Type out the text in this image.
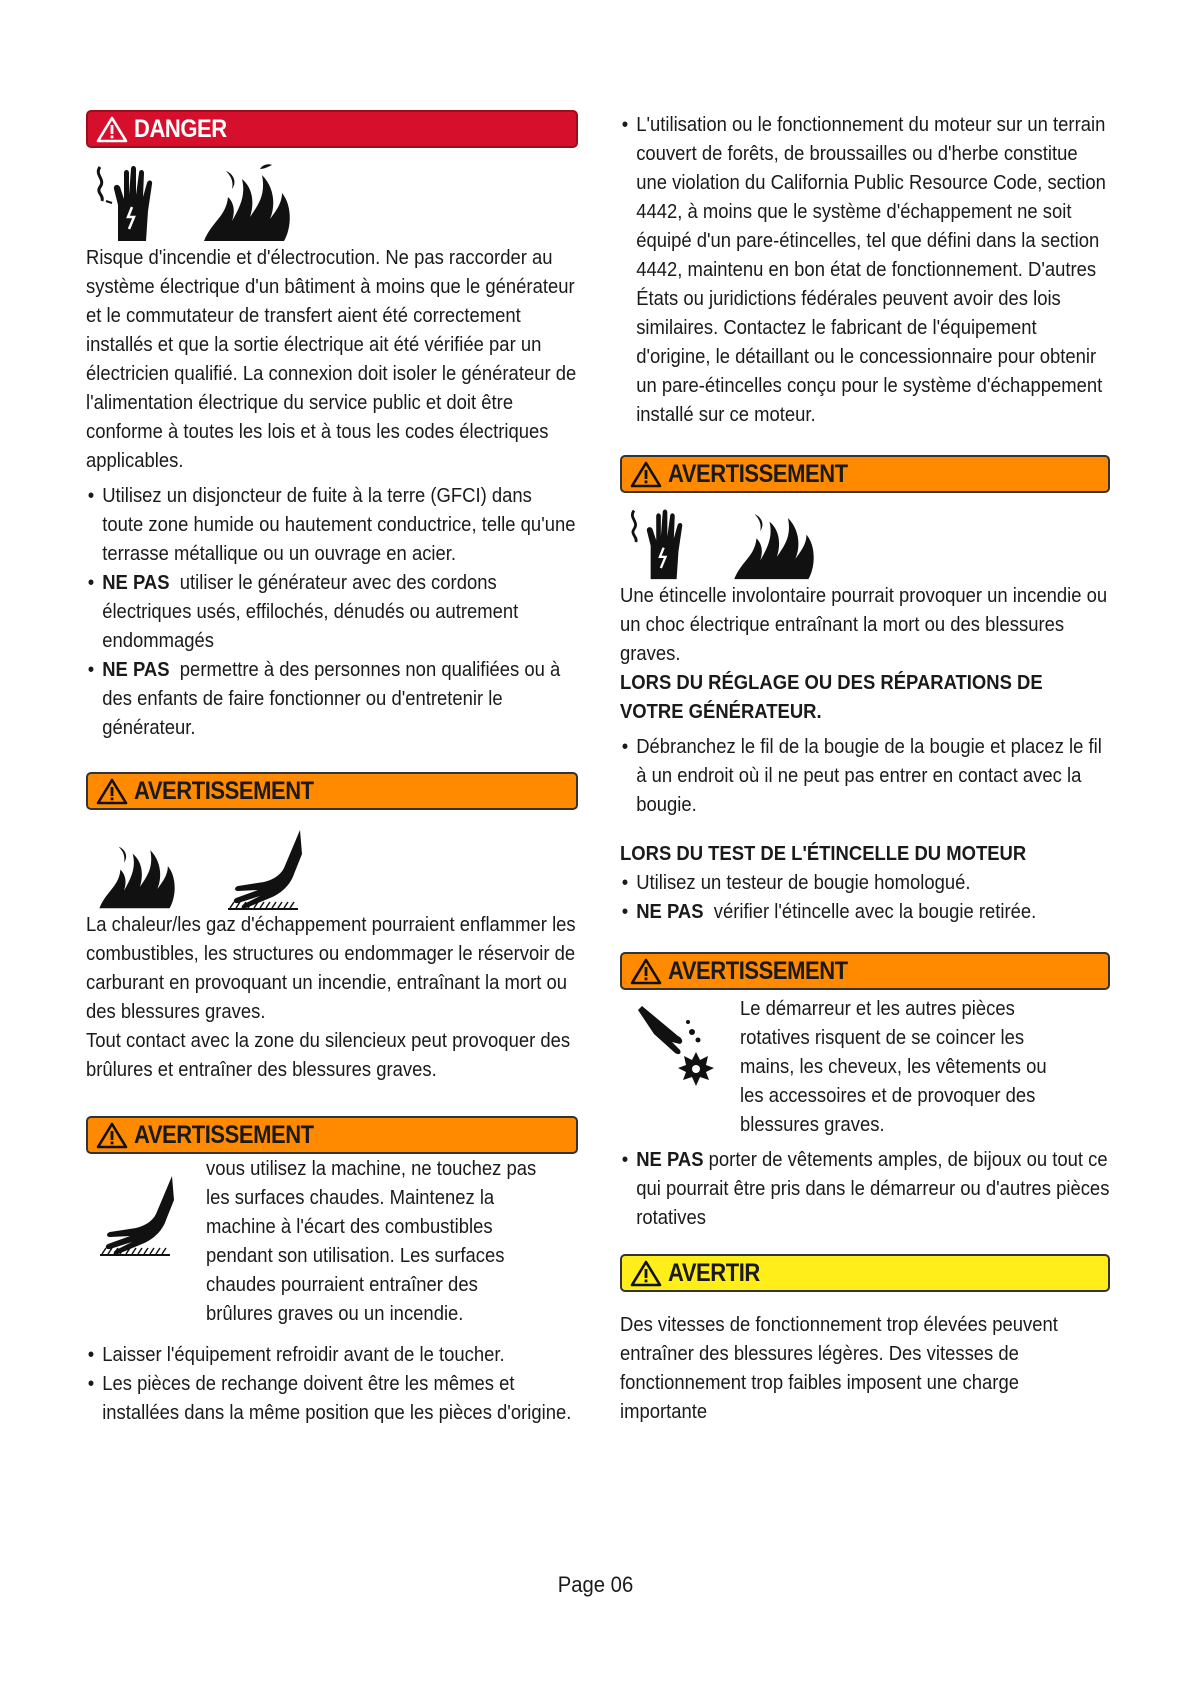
DANGER
Risque d'incendie et d'électrocution. Ne pas raccorder au système électrique d'un bâtiment à moins que le générateur et le commutateur de transfert aient été correctement installés et que la sortie électrique ait été vérifiée par un électricien qualifié. La connexion doit isoler le générateur de l'alimentation électrique du service public et doit être conforme à toutes les lois et à tous les codes électriques applicables.
• Utilisez un disjoncteur de fuite à la terre (GFCI) dans toute zone humide ou hautement conductrice, telle qu'une terrasse métallique ou un ouvrage en acier.
• NE PAS utiliser le générateur avec des cordons électriques usés, effilochés, dénudés ou autrement endommagés
• NE PAS permettre à des personnes non qualifiées ou à des enfants de faire fonctionner ou d'entretenir le générateur.
AVERTISSEMENT
La chaleur/les gaz d'échappement pourraient enflammer les combustibles, les structures ou endommager le réservoir de carburant en provoquant un incendie, entraînant la mort ou des blessures graves.
Tout contact avec la zone du silencieux peut provoquer des brûlures et entraîner des blessures graves.
AVERTISSEMENT
vous utilisez la machine, ne touchez pas les surfaces chaudes. Maintenez la machine à l'écart des combustibles pendant son utilisation. Les surfaces chaudes pourraient entraîner des brûlures graves ou un incendie.
• Laisser l'équipement refroidir avant de le toucher.
• Les pièces de rechange doivent être les mêmes et installées dans la même position que les pièces d'origine.
• L'utilisation ou le fonctionnement du moteur sur un terrain couvert de forêts, de broussailles ou d'herbe constitue une violation du California Public Resource Code, section 4442, à moins que le système d'échappement ne soit équipé d'un pare-étincelles, tel que défini dans la section 4442, maintenu en bon état de fonctionnement. D'autres États ou juridictions fédérales peuvent avoir des lois similaires. Contactez le fabricant de l'équipement d'origine, le détaillant ou le concessionnaire pour obtenir un pare-étincelles conçu pour le système d'échappement installé sur ce moteur.
AVERTISSEMENT
Une étincelle involontaire pourrait provoquer un incendie ou un choc électrique entraînant la mort ou des blessures graves.
LORS DU RÉGLAGE OU DES RÉPARATIONS DE VOTRE GÉNÉRATEUR.
• Débranchez le fil de la bougie de la bougie et placez le fil à un endroit où il ne peut pas entrer en contact avec la bougie.
LORS DU TEST DE L'ÉTINCELLE DU MOTEUR
• Utilisez un testeur de bougie homologué.
• NE PAS vérifier l'étincelle avec la bougie retirée.
AVERTISSEMENT
Le démarreur et les autres pièces rotatives risquent de se coincer les mains, les cheveux, les vêtements ou les accessoires et de provoquer des blessures graves.
• NE PAS porter de vêtements amples, de bijoux ou tout ce qui pourrait être pris dans le démarreur ou d'autres pièces rotatives
AVERTIR
Des vitesses de fonctionnement trop élevées peuvent entraîner des blessures légères. Des vitesses de fonctionnement trop faibles imposent une charge importante
Page 06
